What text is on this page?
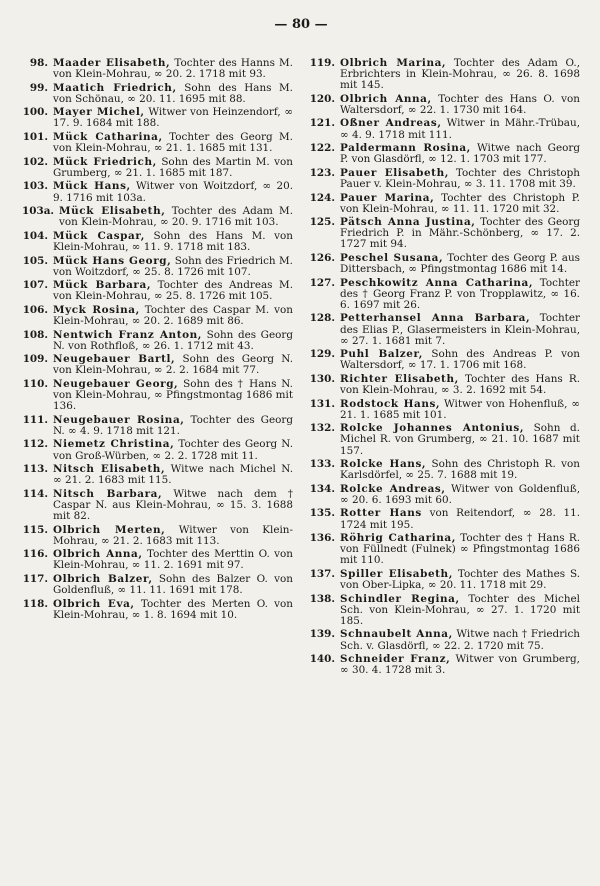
— 80 —
98. Maader Elisabeth, Tochter des Hanns M. von Klein-Mohrau, ∞ 20. 2. 1718 mit 93.
99. Maatich Friedrich, Sohn des Hans M. von Schönau, ∞ 20. 11. 1695 mit 88.
100. Mayer Michel, Witwer von Heinzendorf, ∞ 17. 9. 1684 mit 188.
101. Mück Catharina, Tochter des Georg M. von Klein-Mohrau, ∞ 21. 1. 1685 mit 131.
102. Mück Friedrich, Sohn des Martin M. von Grumberg, ∞ 21. 1. 1685 mit 187.
103. Mück Hans, Witwer von Woitzdorf, ∞ 20. 9. 1716 mit 103a.
103a. Mück Elisabeth, Tochter des Adam M. von Klein-Mohrau, ∞ 20. 9. 1716 mit 103.
104. Mück Caspar, Sohn des Hans M. von Klein-Mohrau, ∞ 11. 9. 1718 mit 183.
105. Mück Hans Georg, Sohn des Friedrich M. von Woitzdorf, ∞ 25. 8. 1726 mit 107.
107. Mück Barbara, Tochter des Andreas M. von Klein-Mohrau, ∞ 25. 8. 1726 mit 105.
106. Myck Rosina, Tochter des Caspar M. von Klein-Mohrau, ∞ 20. 2. 1689 mit 86.
108. Nentwich Franz Anton, Sohn des Georg N. von Rothfloß, ∞ 26. 1. 1712 mit 43.
109. Neugebauer Bartl, Sohn des Georg N. von Klein-Mohrau, ∞ 2. 2. 1684 mit 77.
110. Neugebauer Georg, Sohn des † Hans N. von Klein-Mohrau, ∞ Pfingstmontag 1686 mit 136.
111. Neugebauer Rosina, Tochter des Georg N. ∞ 4. 9. 1718 mit 121.
112. Niemetz Christina, Tochter des Georg N. von Groß-Würben, ∞ 2. 2. 1728 mit 11.
113. Nitsch Elisabeth, Witwe nach Michel N. ∞ 21. 2. 1683 mit 115.
114. Nitsch Barbara, Witwe nach dem † Caspar N. aus Klein-Mohrau, ∞ 15. 3. 1688 mit 82.
115. Olbrich Merten, Witwer von Klein-Mohrau, ∞ 21. 2. 1683 mit 113.
116. Olbrich Anna, Tochter des Merttin O. von Klein-Mohrau, ∞ 11. 2. 1691 mit 97.
117. Olbrich Balzer, Sohn des Balzer O. von Goldenfluß, ∞ 11. 11. 1691 mit 178.
118. Olbrich Eva, Tochter des Merten O. von Klein-Mohrau, ∞ 1. 8. 1694 mit 10.
119. Olbrich Marina, Tochter des Adam O., Erbrichters in Klein-Mohrau, ∞ 26. 8. 1698 mit 145.
120. Olbrich Anna, Tochter des Hans O. von Waltersdorf, ∞ 22. 1. 1730 mit 164.
121. Oßner Andreas, Witwer in Mähr.-Trübau, ∞ 4. 9. 1718 mit 111.
122. Paldermann Rosina, Witwe nach Georg P. von Glasdörfl, ∞ 12. 1. 1703 mit 177.
123. Pauer Elisabeth, Tochter des Christoph Pauer v. Klein-Mohrau, ∞ 3. 11. 1708 mit 39.
124. Pauer Marina, Tochter des Christoph P. von Klein-Mohrau, ∞ 11. 11. 1720 mit 32.
125. Pätsch Anna Justina, Tochter des Georg Friedrich P. in Mähr.-Schönberg, ∞ 17. 2. 1727 mit 94.
126. Peschel Susana, Tochter des Georg P. aus Dittersbach, ∞ Pfingstmontag 1686 mit 14.
127. Peschkowitz Anna Catharina, Tochter des † Georg Franz P. von Tropplawitz, ∞ 16. 6. 1697 mit 26.
128. Petterhansel Anna Barbara, Tochter des Elias P., Glasermeisters in Klein-Mohrau, ∞ 27. 1. 1681 mit 7.
129. Puhl Balzer, Sohn des Andreas P. von Waltersdorf, ∞ 17. 1. 1706 mit 168.
130. Richter Elisabeth, Tochter des Hans R. von Klein-Mohrau, ∞ 3. 2. 1692 mit 54.
131. Rodstock Hans, Witwer von Hohenfluß, ∞ 21. 1. 1685 mit 101.
132. Rolcke Johannes Antonius, Sohn d. Michel R. von Grumberg, ∞ 21. 10. 1687 mit 157.
133. Rolcke Hans, Sohn des Christoph R. von Karlsdörfel, ∞ 25. 7. 1688 mit 19.
134. Rolcke Andreas, Witwer von Goldenfluß, ∞ 20. 6. 1693 mit 60.
135. Rotter Hans von Reitendorf, ∞ 28. 11. 1724 mit 195.
136. Röhrig Catharina, Tochter des † Hans R. von Füllnedt (Fulnek) ∞ Pfingstmontag 1686 mit 110.
137. Spiller Elisabeth, Tochter des Mathes S. von Ober-Lipka, ∞ 20. 11. 1718 mit 29.
138. Schindler Regina, Tochter des Michel Sch. von Klein-Mohrau, ∞ 27. 1. 1720 mit 185.
139. Schnaubelt Anna, Witwe nach † Friedrich Sch. v. Glasdörfl, ∞ 22. 2. 1720 mit 75.
140. Schneider Franz, Witwer von Grumberg, ∞ 30. 4. 1728 mit 3.
